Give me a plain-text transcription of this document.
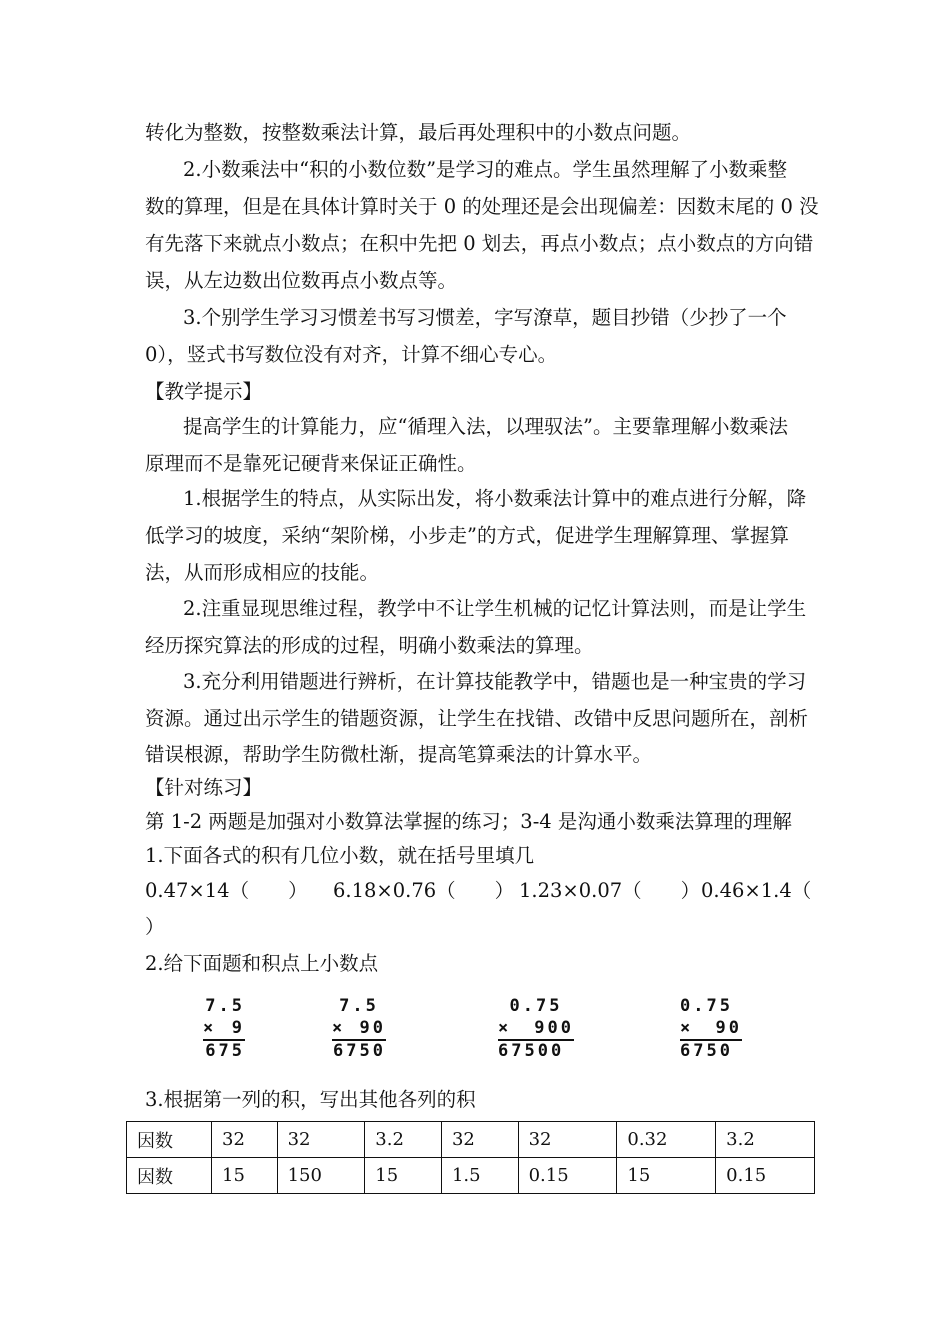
转化为整数，按整数乘法计算，最后再处理积中的小数点问题。
2.小数乘法中“积的小数位数”是学习的难点。学生虽然理解了小数乘整
数的算理，但是在具体计算时关于 0 的处理还是会出现偏差：因数末尾的 0 没
有先落下来就点小数点；在积中先把 0 划去，再点小数点；点小数点的方向错
误，从左边数出位数再点小数点等。
3.个别学生学习习惯差书写习惯差，字写潦草，题目抄错（少抄了一个
0），竖式书写数位没有对齐，计算不细心专心。
【教学提示】
提高学生的计算能力，应“循理入法，以理驭法”。主要靠理解小数乘法
原理而不是靠死记硬背来保证正确性。
1.根据学生的特点，从实际出发，将小数乘法计算中的难点进行分解，降
低学习的坡度，采纳“架阶梯，小步走”的方式，促进学生理解算理、掌握算
法，从而形成相应的技能。
2.注重显现思维过程，教学中不让学生机械的记忆计算法则，而是让学生
经历探究算法的形成的过程，明确小数乘法的算理。
3.充分利用错题进行辨析，在计算技能教学中，错题也是一种宝贵的学习
资源。通过出示学生的错题资源，让学生在找错、改错中反思问题所在，剖析
错误根源，帮助学生防微杜渐，提高笔算乘法的计算水平。
【针对练习】
第 1-2 两题是加强对小数算法掌握的练习；3-4 是沟通小数乘法算理的理解
1.下面各式的积有几位小数，就在括号里填几
0.47×14（　　） 6.18×0.76（　　） 1.23×0.07（　　） 0.46×1.4（
）
2.给下面题和积点上小数点
7.5
× 9
675
7.5
× 90
6750
0.75
× 900
67500
0.75
× 90
6750
3.根据第一列的积，写出其他各列的积
因数	32	32	3.2	32	32	0.32	3.2
因数	15	150	15	1.5	0.15	15	0.15
